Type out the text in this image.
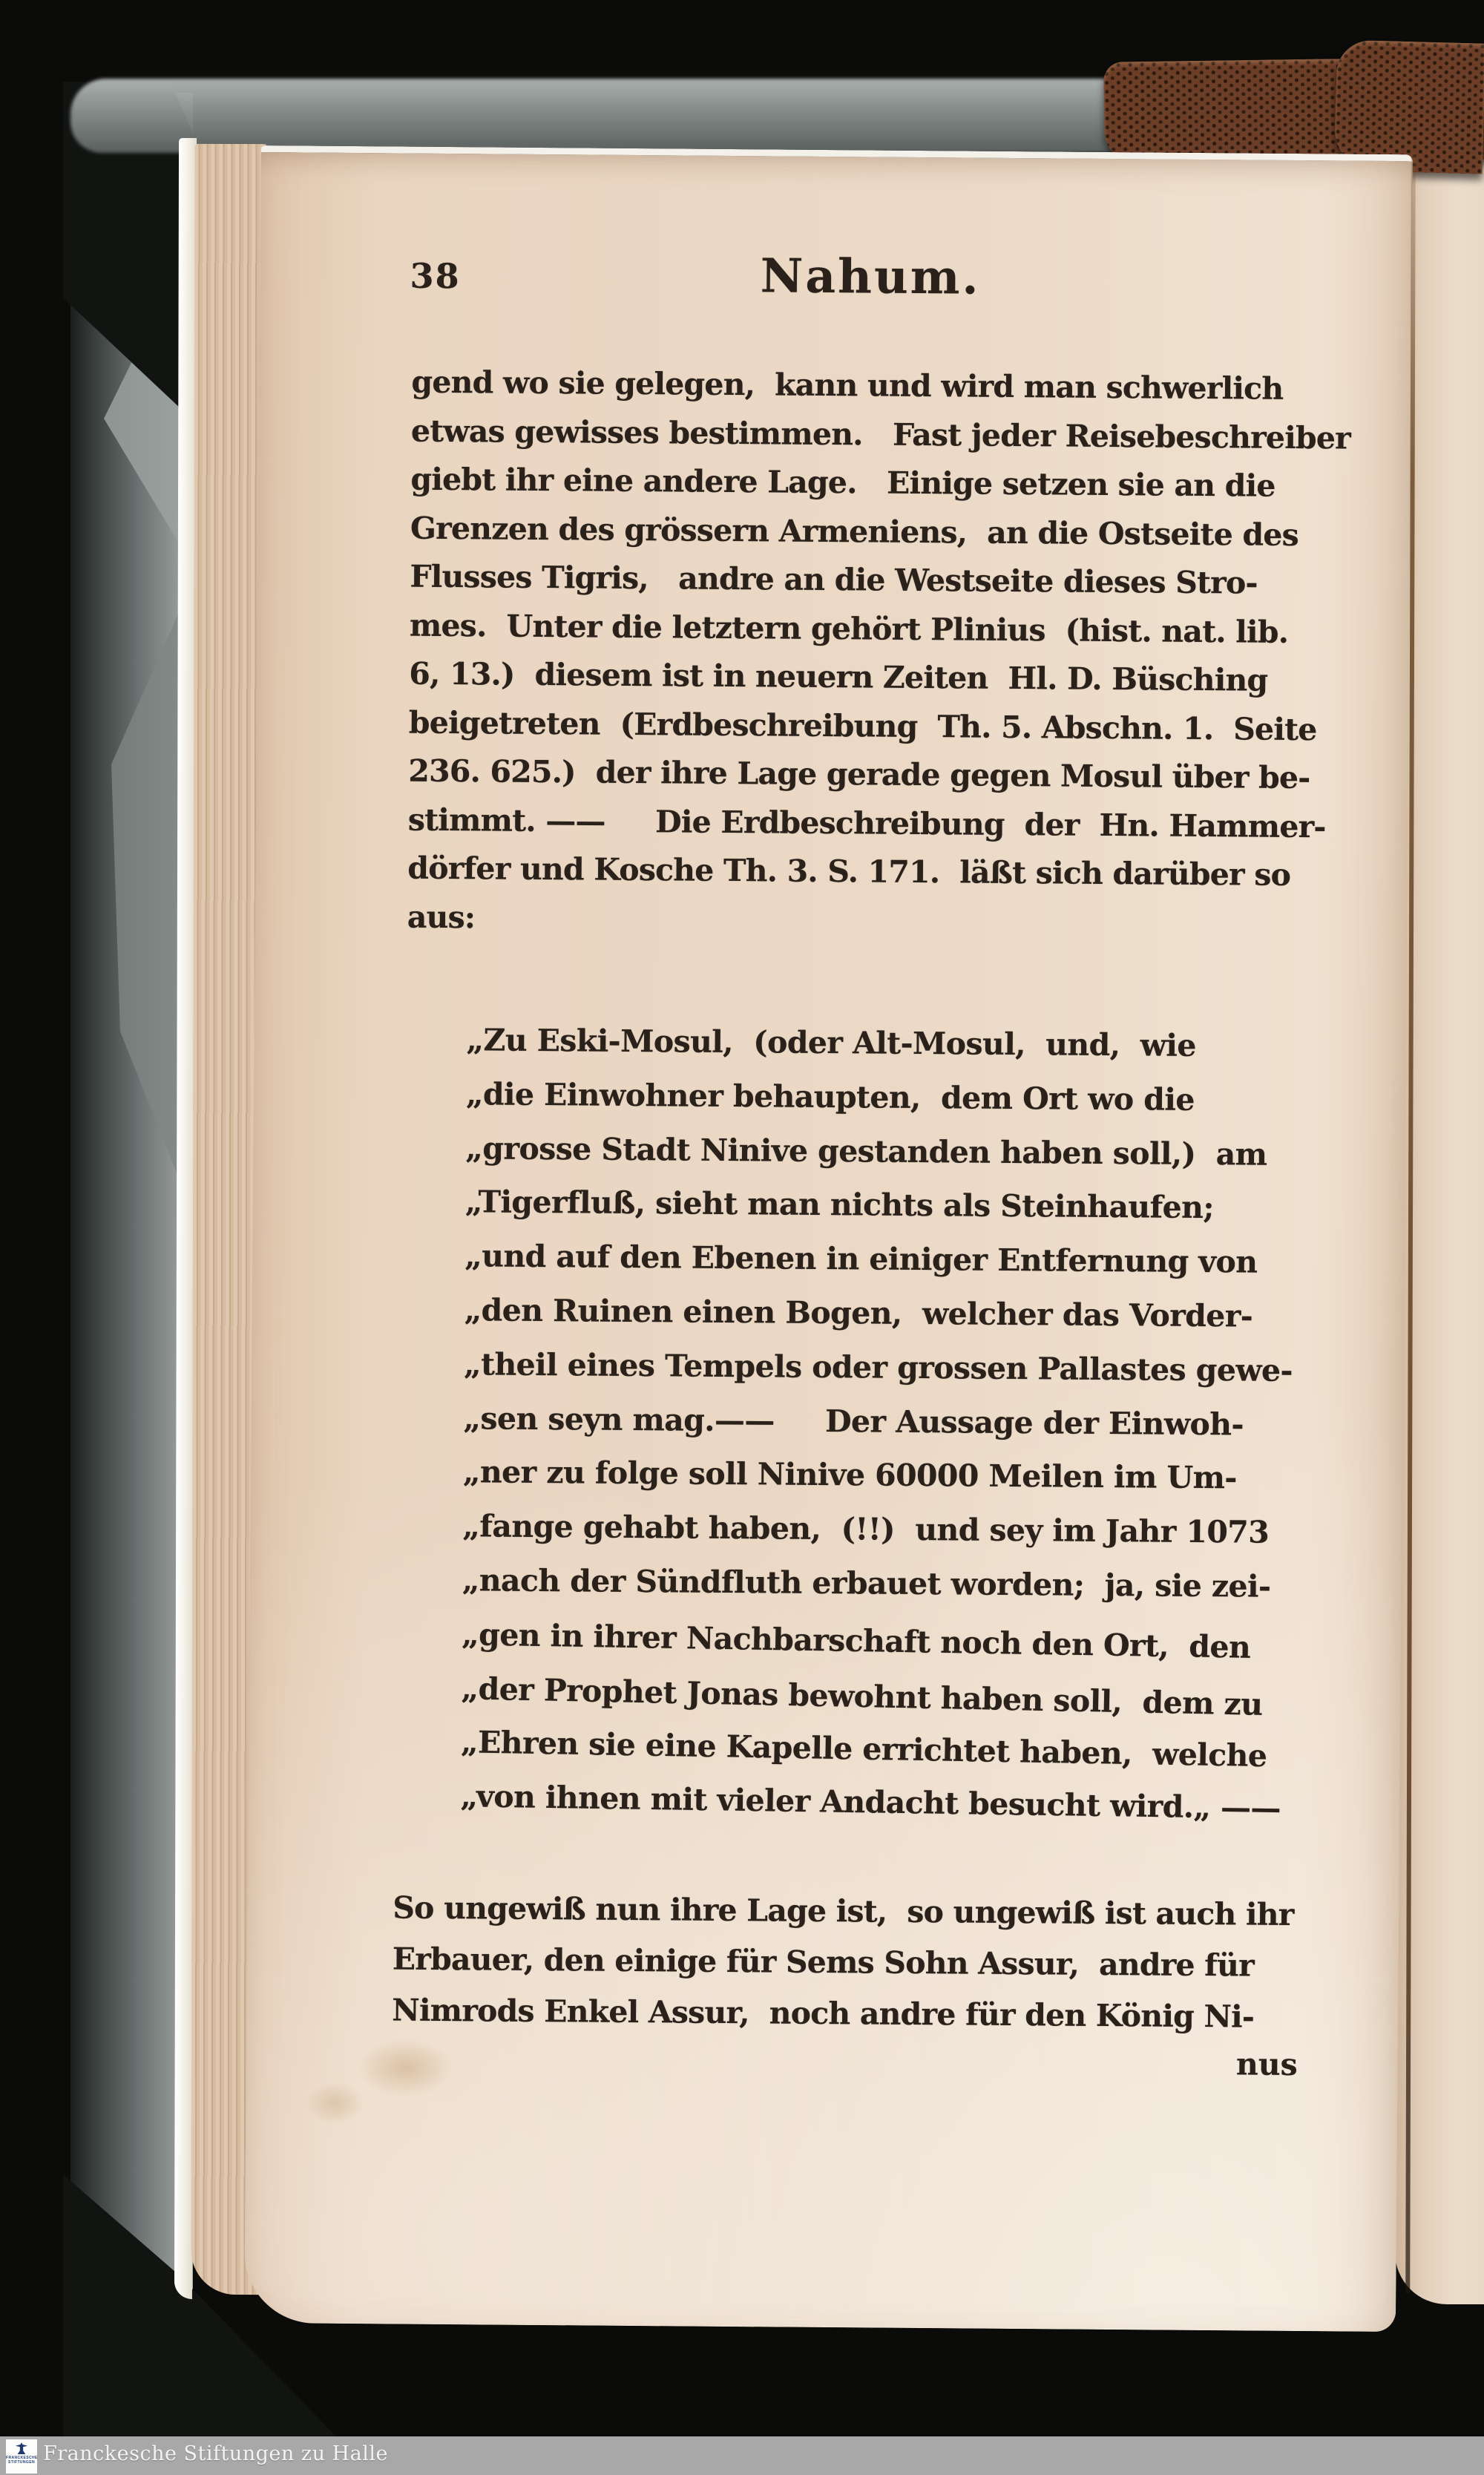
38	Nahum.
gend wo sie gelegen,  kann und wird man schwerlich
etwas gewisses bestimmen.   Fast jeder Reisebeschreiber
giebt ihr eine andere Lage.   Einige setzen sie an die
Grenzen des grössern Armeniens,  an die Ostseite des
Flusses Tigris,   andre an die Westseite dieses Stro-
mes.  Unter die letztern gehört Plinius  (hist. nat. lib.
6, 13.)  diesem ist in neuern Zeiten  Hl. D. Büsching
beigetreten  (Erdbeschreibung  Th. 5. Abschn. 1.  Seite
236. 625.)  der ihre Lage gerade gegen Mosul über be-
stimmt. ——     Die Erdbeschreibung  der  Hn. Hammer-
dörfer und Kosche Th. 3. S. 171.  läßt sich darüber so
aus:
„Zu Eski-Mosul,  (oder Alt-Mosul,  und,  wie
„die Einwohner behaupten,  dem Ort wo die
„grosse Stadt Ninive gestanden haben soll,)  am
„Tigerfluß, sieht man nichts als Steinhaufen;
„und auf den Ebenen in einiger Entfernung von
„den Ruinen einen Bogen,  welcher das Vorder-
„theil eines Tempels oder grossen Pallastes gewe-
„sen seyn mag.——     Der Aussage der Einwoh-
„ner zu folge soll Ninive 60000 Meilen im Um-
„fange gehabt haben,  (!!)  und sey im Jahr 1073
„nach der Sündfluth erbauet worden;  ja, sie zei-
„gen in ihrer Nachbarschaft noch den Ort,  den
„der Prophet Jonas bewohnt haben soll,  dem zu
„Ehren sie eine Kapelle errichtet haben,  welche
„von ihnen mit vieler Andacht besucht wird.„ ——
So ungewiß nun ihre Lage ist,  so ungewiß ist auch ihr
Erbauer, den einige für Sems Sohn Assur,  andre für
Nimrods Enkel Assur,  noch andre für den König Ni-
nus
FRANCKESCHE
STIFTUNGEN Franckesche Stiftungen zu Halle
